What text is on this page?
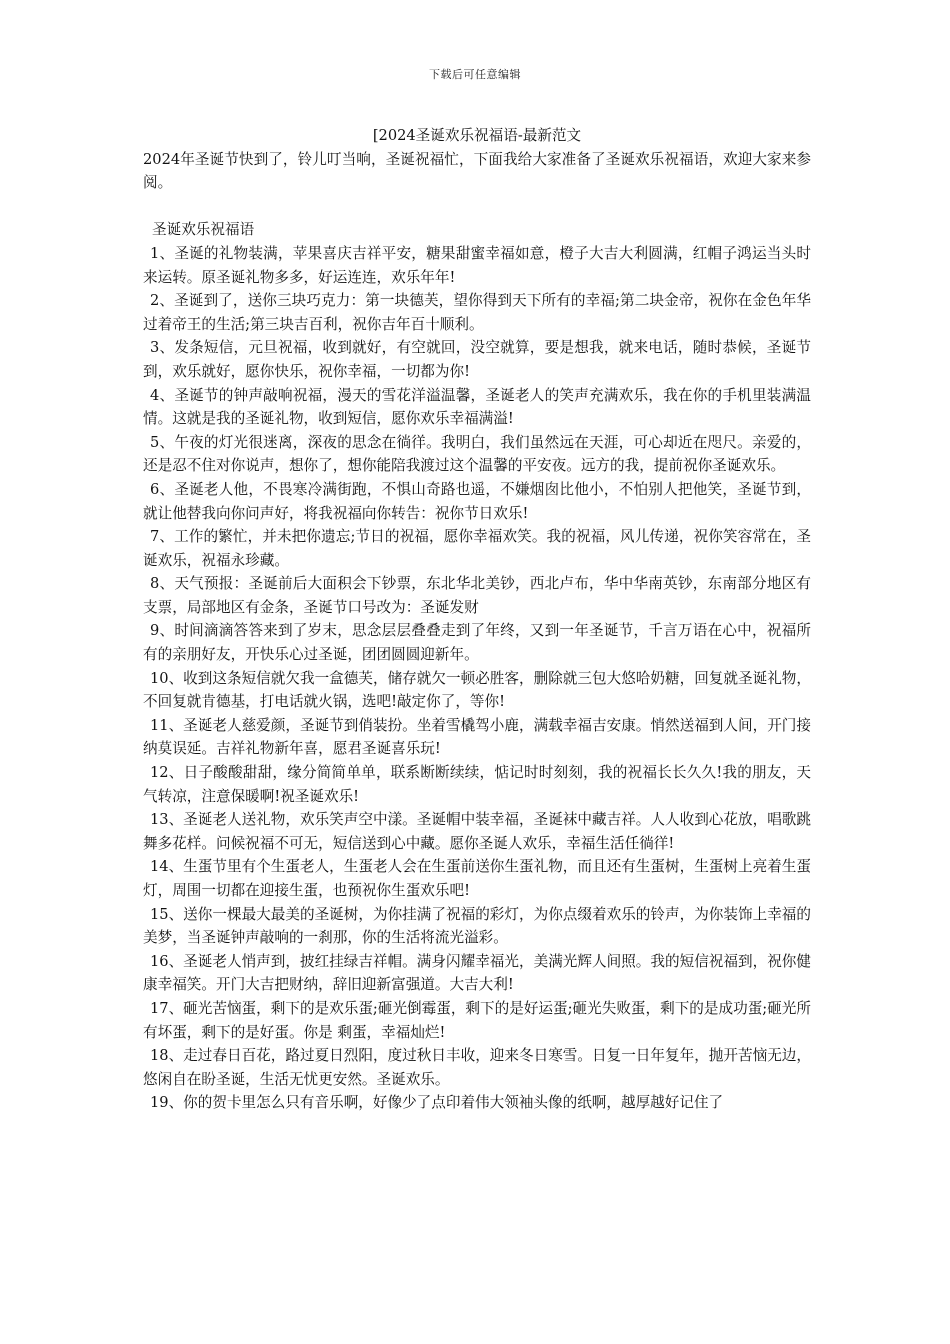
下载后可任意编辑
[2024圣诞欢乐祝福语-最新范文

2024年圣诞节快到了，铃儿叮当响，圣诞祝福忙，下面我给大家准备了圣诞欢乐祝福语，欢迎大家来参阅。

圣诞欢乐祝福语
1、圣诞的礼物装满，苹果喜庆吉祥平安，糖果甜蜜幸福如意，橙子大吉大利圆满，红帽子鸿运当头时来运转。原圣诞礼物多多，好运连连，欢乐年年!
2、圣诞到了，送你三块巧克力：第一块德芙，望你得到天下所有的幸福;第二块金帝，祝你在金色年华过着帝王的生活;第三块吉百利，祝你吉年百十顺利。
3、发条短信，元旦祝福，收到就好，有空就回，没空就算，要是想我，就来电话，随时恭候，圣诞节到，欢乐就好，愿你快乐，祝你幸福，一切都为你!
4、圣诞节的钟声敲响祝福，漫天的雪花洋溢温馨，圣诞老人的笑声充满欢乐，我在你的手机里装满温情。这就是我的圣诞礼物，收到短信，愿你欢乐幸福满溢!
5、午夜的灯光很迷离，深夜的思念在徜徉。我明白，我们虽然远在天涯，可心却近在咫尺。亲爱的，还是忍不住对你说声，想你了，想你能陪我渡过这个温馨的平安夜。远方的我，提前祝你圣诞欢乐。
6、圣诞老人他，不畏寒冷满街跑，不惧山奇路也遥，不嫌烟囱比他小，不怕别人把他笑，圣诞节到，就让他替我向你问声好，将我祝福向你转告：祝你节日欢乐!
7、工作的繁忙，并未把你遗忘;节日的祝福，愿你幸福欢笑。我的祝福，风儿传递，祝你笑容常在，圣诞欢乐，祝福永珍藏。
8、天气预报：圣诞前后大面积会下钞票，东北华北美钞，西北卢布，华中华南英钞，东南部分地区有支票，局部地区有金条，圣诞节口号改为：圣诞发财
9、时间滴滴答答来到了岁末，思念层层叠叠走到了年终，又到一年圣诞节，千言万语在心中，祝福所有的亲朋好友，开快乐心过圣诞，团团圆圆迎新年。
10、收到这条短信就欠我一盒德芙，储存就欠一顿必胜客，删除就三包大悠哈奶糖，回复就圣诞礼物，不回复就肯德基，打电话就火锅，选吧!敲定你了，等你!
11、圣诞老人慈爱颜，圣诞节到俏装扮。坐着雪橇驾小鹿，满载幸福吉安康。悄然送福到人间，开门接纳莫误延。吉祥礼物新年喜，愿君圣诞喜乐玩!
12、日子酸酸甜甜，缘分简简单单，联系断断续续，惦记时时刻刻，我的祝福长长久久!我的朋友，天气转凉，注意保暖啊!祝圣诞欢乐!
13、圣诞老人送礼物，欢乐笑声空中漾。圣诞帽中装幸福，圣诞袜中藏吉祥。人人收到心花放，唱歌跳舞多花样。问候祝福不可无，短信送到心中藏。愿你圣诞人欢乐，幸福生活任徜徉!
14、生蛋节里有个生蛋老人，生蛋老人会在生蛋前送你生蛋礼物，而且还有生蛋树，生蛋树上亮着生蛋灯，周围一切都在迎接生蛋，也预祝你生蛋欢乐吧!
15、送你一棵最大最美的圣诞树，为你挂满了祝福的彩灯，为你点缀着欢乐的铃声，为你装饰上幸福的美梦，当圣诞钟声敲响的一刹那，你的生活将流光溢彩。
16、圣诞老人悄声到，披红挂绿吉祥帽。满身闪耀幸福光，美满光辉人间照。我的短信祝福到，祝你健康幸福笑。开门大吉把财纳，辞旧迎新富强道。大吉大利!
17、砸光苦恼蛋，剩下的是欢乐蛋;砸光倒霉蛋，剩下的是好运蛋;砸光失败蛋，剩下的是成功蛋;砸光所有坏蛋，剩下的是好蛋。你是 剩蛋，幸福灿烂!
18、走过春日百花，路过夏日烈阳，度过秋日丰收，迎来冬日寒雪。日复一日年复年，抛开苦恼无边，悠闲自在盼圣诞，生活无忧更安然。圣诞欢乐。
19、你的贺卡里怎么只有音乐啊，好像少了点印着伟大领袖头像的纸啊，越厚越好记住了
